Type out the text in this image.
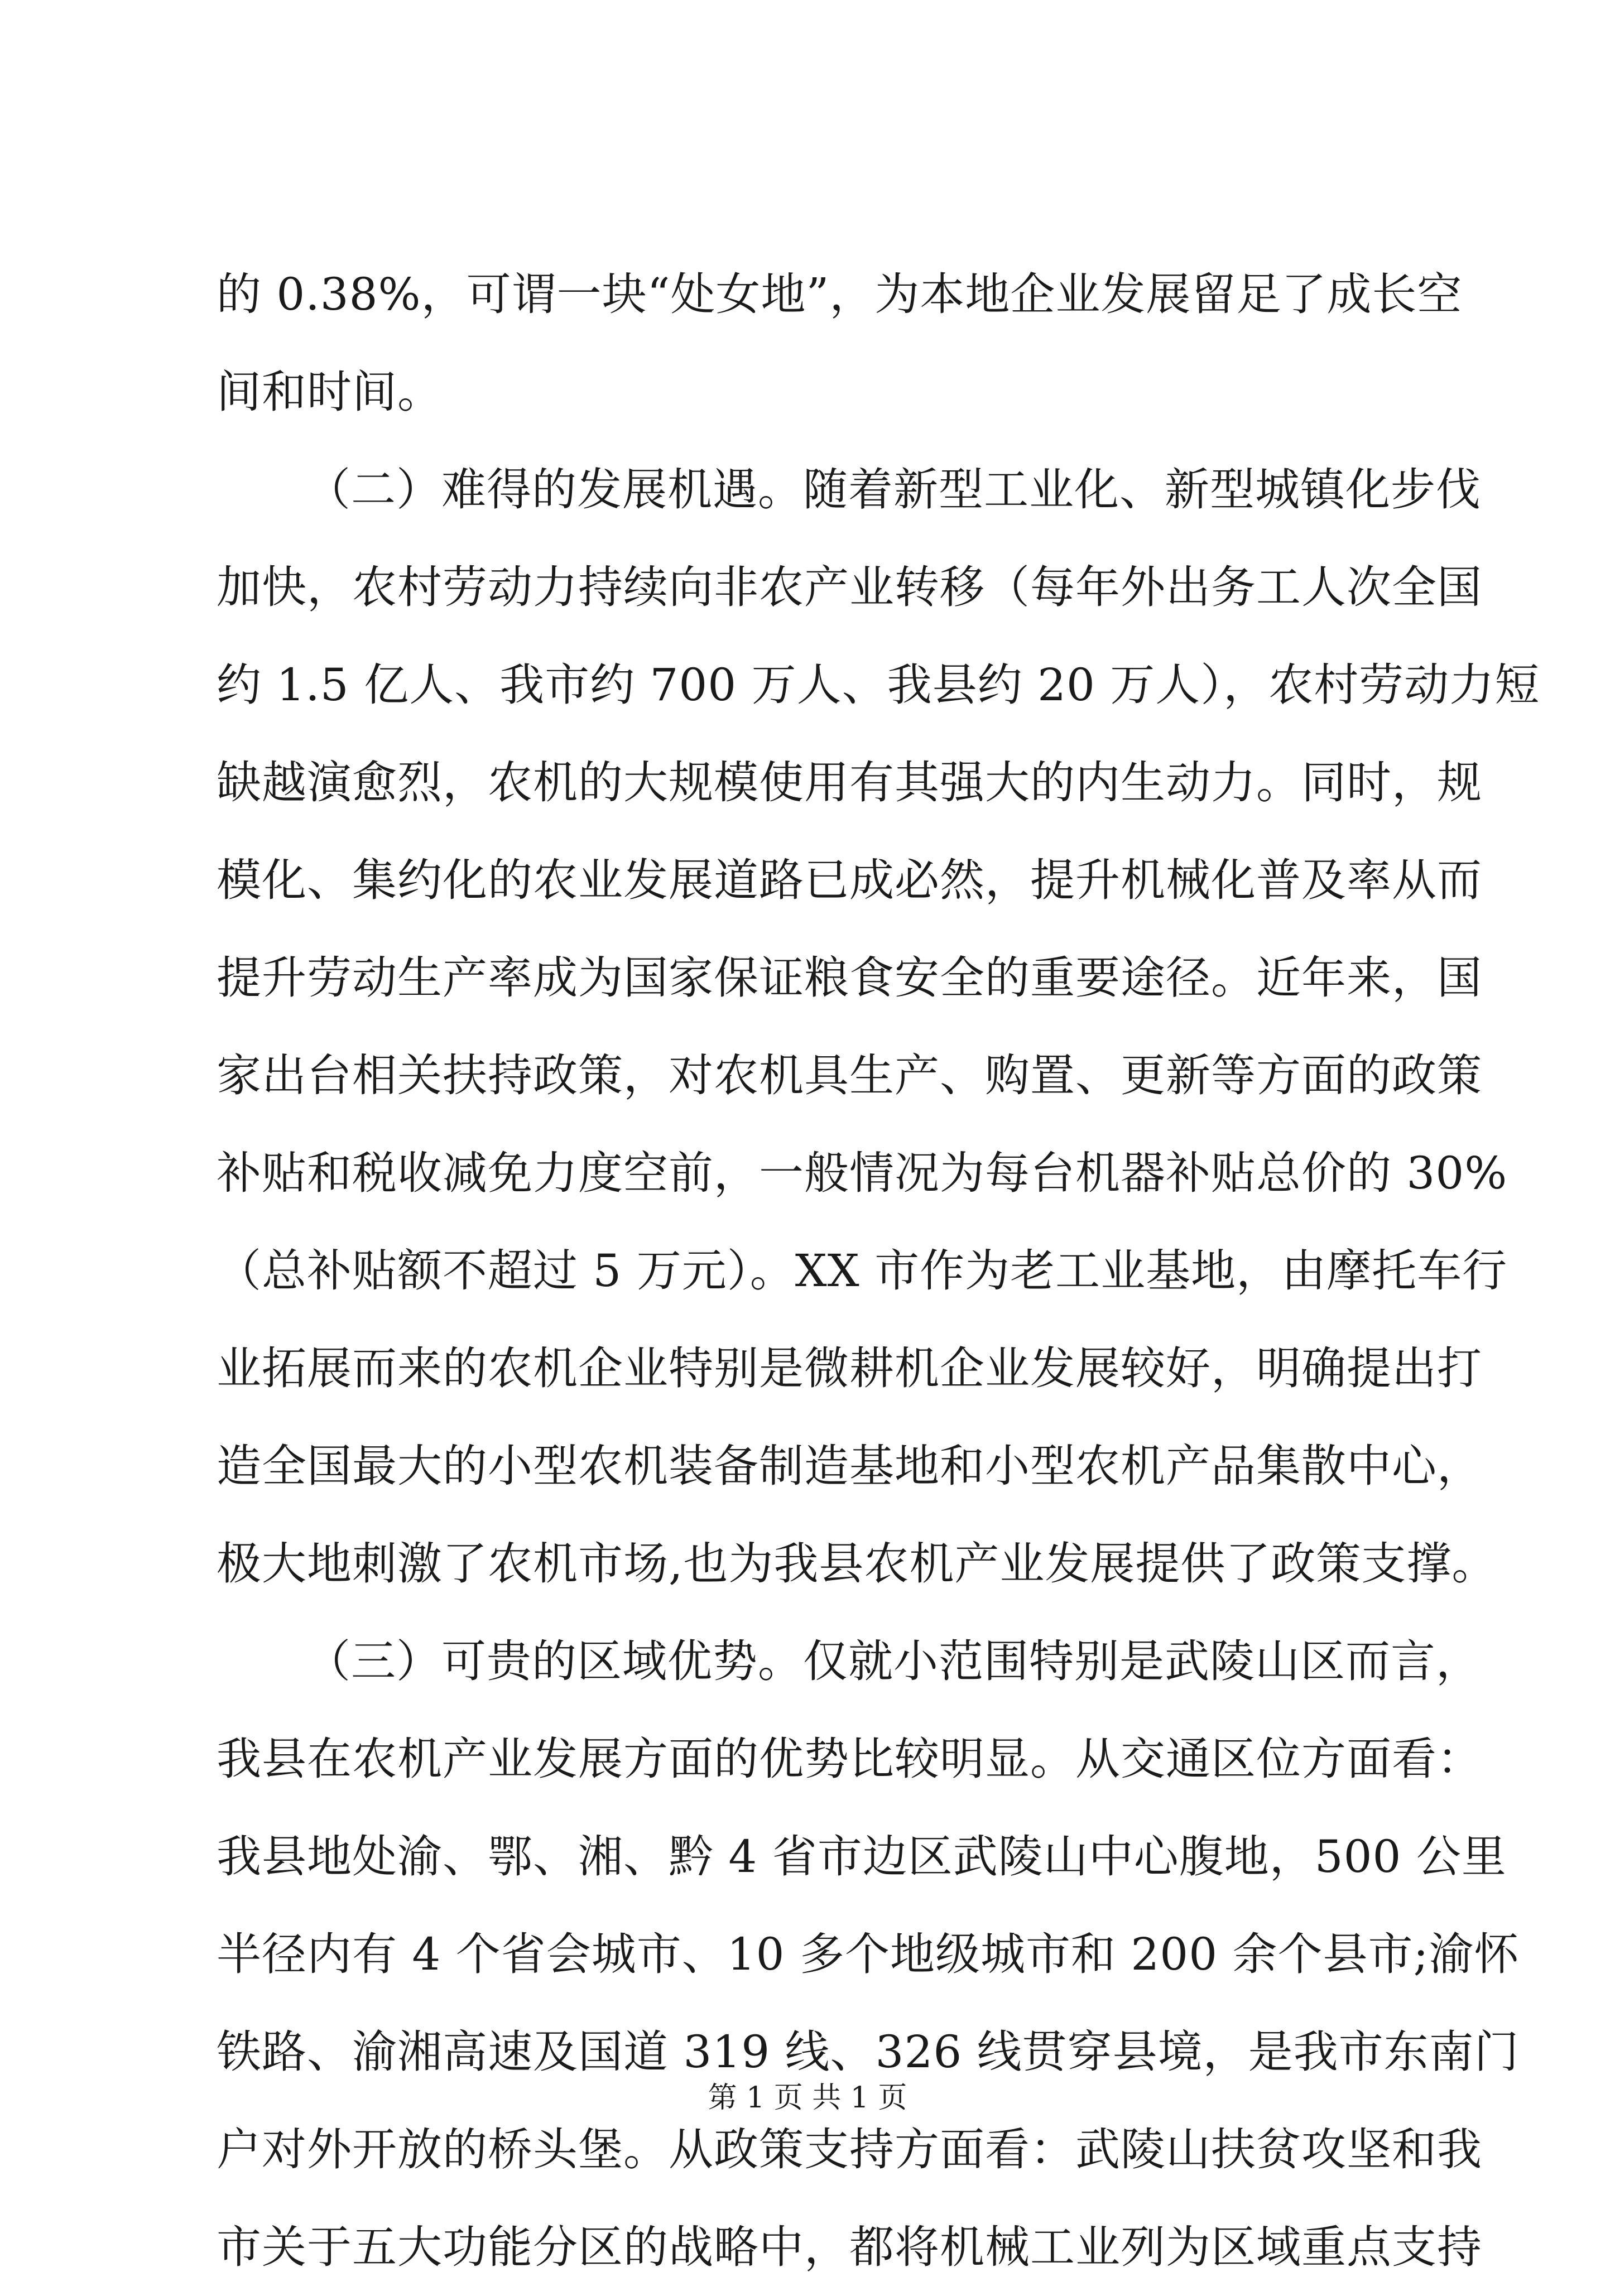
的 0.38%，可谓一块“处女地”，为本地企业发展留足了成长空
间和时间。
（二）难得的发展机遇。随着新型工业化、新型城镇化步伐
加快，农村劳动力持续向非农产业转移（每年外出务工人次全国
约 1.5 亿人、我市约 700 万人、我县约 20 万人），农村劳动力短
缺越演愈烈，农机的大规模使用有其强大的内生动力。同时，规
模化、集约化的农业发展道路已成必然，提升机械化普及率从而
提升劳动生产率成为国家保证粮食安全的重要途径。近年来，国
家出台相关扶持政策，对农机具生产、购置、更新等方面的政策
补贴和税收减免力度空前，一般情况为每台机器补贴总价的 30%
（总补贴额不超过 5 万元）。XX 市作为老工业基地，由摩托车行
业拓展而来的农机企业特别是微耕机企业发展较好，明确提出打
造全国最大的小型农机装备制造基地和小型农机产品集散中心，
极大地刺激了农机市场,也为我县农机产业发展提供了政策支撑。
（三）可贵的区域优势。仅就小范围特别是武陵山区而言，
我县在农机产业发展方面的优势比较明显。从交通区位方面看：
我县地处渝、鄂、湘、黔 4 省市边区武陵山中心腹地，500 公里
半径内有 4 个省会城市、10 多个地级城市和 200 余个县市;渝怀
铁路、渝湘高速及国道 319 线、326 线贯穿县境，是我市东南门
户对外开放的桥头堡。从政策支持方面看：武陵山扶贫攻坚和我
市关于五大功能分区的战略中，都将机械工业列为区域重点支持
第 1 页 共 1 页
